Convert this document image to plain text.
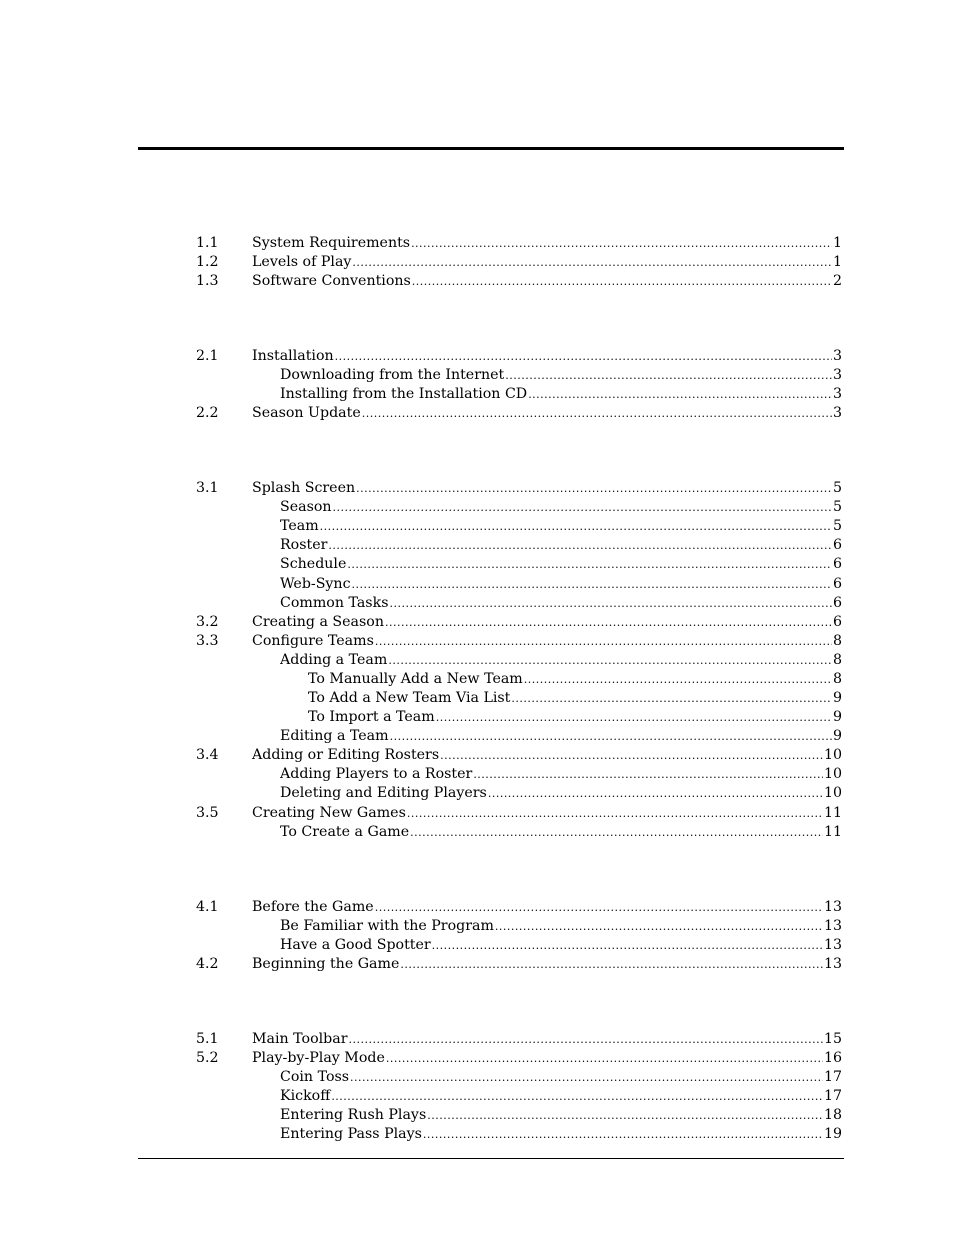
1.1 System Requirements .....	1
1.2 Levels of Play .....	1
1.3 Software Conventions .....	2
2.1 Installation .....	3
Downloading from the Internet .....	3
Installing from the Installation CD .....	3
2.2 Season Update .....	3
3.1 Splash Screen .....	5
Season .....	5
Team .....	5
Roster .....	6
Schedule .....	6
Web-Sync .....	6
Common Tasks .....	6
3.2 Creating a Season .....	6
3.3 Configure Teams .....	8
Adding a Team .....	8
To Manually Add a New Team .....	8
To Add a New Team Via List .....	9
To Import a Team .....	9
Editing a Team .....	9
3.4 Adding or Editing Rosters .....	10
Adding Players to a Roster .....	10
Deleting and Editing Players .....	10
3.5 Creating New Games .....	11
To Create a Game .....	11
4.1 Before the Game .....	13
Be Familiar with the Program .....	13
Have a Good Spotter .....	13
4.2 Beginning the Game .....	13
5.1 Main Toolbar .....	15
5.2 Play-by-Play Mode .....	16
Coin Toss .....	17
Kickoff .....	17
Entering Rush Plays .....	18
Entering Pass Plays .....	19
